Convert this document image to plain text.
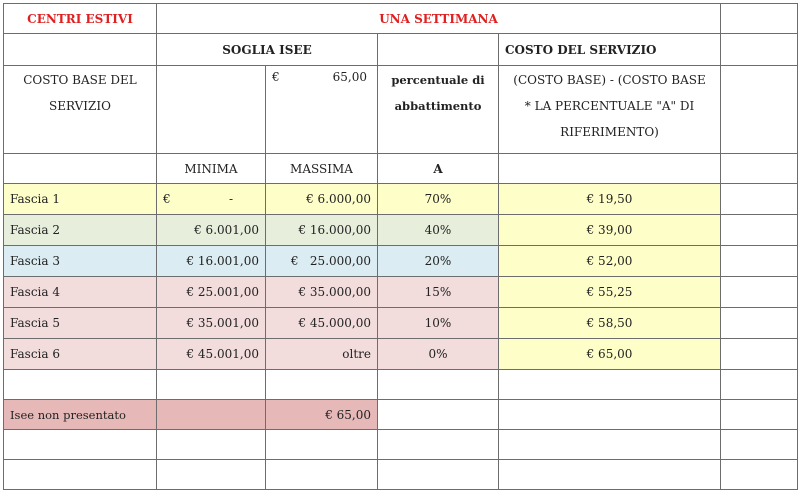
CENTRI ESTIVI	UNA SETTIMANA				
	SOGLIA ISEE			COSTO DEL SERVIZIO	
COSTO BASE DEL SERVIZIO		€ 65,00	percentuale di abbattimento	(COSTO BASE) - (COSTO BASE * LA PERCENTUALE "A" DI RIFERIMENTO)	
	MINIMA	MASSIMA	A		
Fascia 1	€ -	€ 6.000,00	70%	€ 19,50	
Fascia 2	€ 6.001,00	€ 16.000,00	40%	€ 39,00	
Fascia 3	€ 16.001,00	€   25.000,00	20%	€ 52,00	
Fascia 4	€ 25.001,00	€ 35.000,00	15%	€ 55,25	
Fascia 5	€ 35.001,00	€ 45.000,00	10%	€ 58,50	
Fascia 6	€ 45.001,00	oltre	0%	€ 65,00	

Isee non presentato		€ 65,00			
